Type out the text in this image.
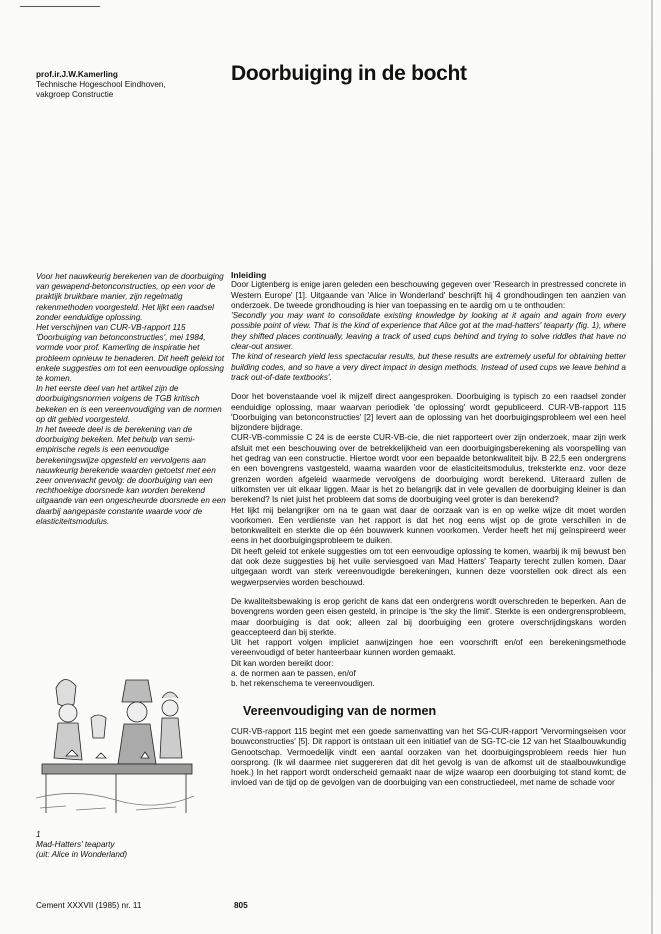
prof.ir.J.W.Kamerling
Technische Hogeschool Eindhoven,
vakgroep Constructie
Doorbuiging in de bocht

Voor het nauwkeurig berekenen van de doorbuiging van gewapend-betonconstructies, op een voor de praktijk bruikbare manier, zijn regelmatig rekenmethoden voorgesteld. Het lijkt een raadsel zonder eenduidige oplossing.

Het verschijnen van CUR-VB-rapport 115 'Doorbuiging van betonconstructies', mei 1984, vormde voor prof. Kamerling de inspiratie het probleem opnieuw te benaderen. Dit heeft geleid tot enkele suggesties om tot een eenvoudige oplossing te komen.

In het eerste deel van het artikel zijn de doorbuigingsnormen volgens de TGB kritisch bekeken en is een vereenvoudiging van de normen op dit gebied voorgesteld.

In het tweede deel is de berekening van de doorbuiging bekeken. Met behulp van semi-empirische regels is een eenvoudige berekeningswijze opgesteld en vervolgens aan nauwkeurig berekende waarden getoetst met een zeer onverwacht gevolg: de doorbuiging van een rechthoekige doorsnede kan worden berekend uitgaande van een ongescheurde doorsnede en een daarbij aangepaste constante waarde voor de elasticiteitsmodulus.

Inleiding

Door Ligtenberg is enige jaren geleden een beschouwing gegeven over 'Research in prestressed concrete in Western Europe' [1]. Uitgaande van 'Alice in Wonderland' beschrijft hij 4 grondhoudingen ten aanzien van onderzoek. De tweede grondhouding is hier van toepassing en te aardig om u te onthouden:

'Secondly you may want to consolidate existing knowledge by looking at it again and again from every possible point of view. That is the kind of experience that Alice got at the mad-hatters' teaparty (fig. 1), where they shifted places continually, leaving a track of used cups behind and trying to solve riddles that have no clear-out answer.

The kind of research yield less spectacular results, but these results are extremely useful for obtaining better building codes, and so have a very direct impact in design methods. Instead of used cups we leave behind a track out-of-date textbooks'.

Door het bovenstaande voel ik mijzelf direct aangesproken. Doorbuiging is typisch zo een raadsel zonder eenduidige oplossing, maar waarvan periodiek 'de oplossing' wordt gepubliceerd. CUR-VB-rapport 115 'Doorbuiging van betonconstructies' [2] levert aan de oplossing van het doorbuigingsprobleem wel een heel bijzondere bijdrage.

CUR-VB-commissie C 24 is de eerste CUR-VB-cie, die niet rapporteert over zijn onderzoek, maar zijn werk afsluit met een beschouwing over de betrekkelijkheid van een doorbuigingsberekening als voorspelling van het gedrag van een constructie. Hiertoe wordt voor een bepaalde betonkwaliteit bijv. B 22,5 een ondergrens en een bovengrens vastgesteld, waarna waarden voor de elasticiteitsmodulus, treksterkte enz. voor deze grenzen worden afgeleid waarmede vervolgens de doorbuiging wordt berekend. Uiteraard zullen de uitkomsten ver uit elkaar liggen. Maar is het zo belangrijk dat in vele gevallen de doorbuiging kleiner is dan berekend? Is niet juist het probleem dat soms de doorbuiging veel groter is dan berekend?

Het lijkt mij belangrijker om na te gaan wat daar de oorzaak van is en op welke wijze dit moet worden voorkomen. Een verdienste van het rapport is dat het nog eens wijst op de grote verschillen in de betonkwaliteit en sterkte die op één bouwwerk kunnen voorkomen. Verder heeft het mij geïnspireerd weer eens in het doorbuigingsprobleem te duiken.

Dit heeft geleid tot enkele suggesties om tot een eenvoudige oplossing te komen, waarbij ik mij bewust ben dat ook deze suggesties bij het vuile serviesgoed van Mad Hatters' Teaparty terecht zullen komen. Daar uitgegaan wordt van sterk vereenvoudigde berekeningen, kunnen deze voorstellen ook direct als een wegwerpservies worden beschouwd.

De kwaliteitsbewaking is erop gericht de kans dat een ondergrens wordt overschreden te beperken. Aan de bovengrens worden geen eisen gesteld, in principe is 'the sky the limit'. Sterkte is een ondergrensprobleem, maar doorbuiging is dat ook; alleen zal bij doorbuiging een grotere overschrijdingskans worden geaccepteerd dan bij sterkte.

Uit het rapport volgen impliciet aanwijzingen hoe een voorschrift en/of een berekeningsmethode vereenvoudigd of beter hanteerbaar kunnen worden gemaakt.

Dit kan worden bereikt door:

a. de normen aan te passen, en/of

b. het rekenschema te vereenvoudigen.

Vereenvoudiging van de normen

CUR-VB-rapport 115 begint met een goede samenvatting van het SG-CUR-rapport 'Vervormingseisen voor bouwconstructies' [5]. Dit rapport is ontstaan uit een initiatief van de SG-TC-cie 12 van het Staalbouwkundig Genootschap. Vermoedelijk vindt een aantal oorzaken van het doorbuigingsprobleem reeds hier hun oorsprong. (Ik wil daarmee niet suggereren dat dit het gevolg is van de afkomst uit de staalbouwkundige hoek.) In het rapport wordt onderscheid gemaakt naar de wijze waarop een doorbuiging tot stand komt; de invloed van de tijd op de gevolgen van de doorbuiging van een constructiedeel, met name de schade voor

1
Mad-Hatters' teaparty
(uit: Alice in Wonderland)
Cement XXXVII (1985) nr. 11	805
